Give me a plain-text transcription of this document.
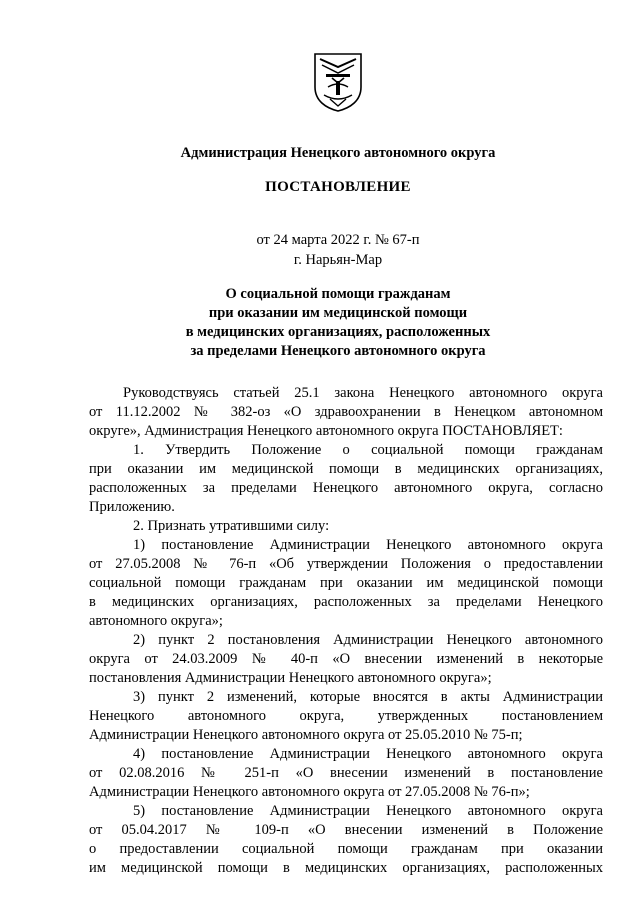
Администрация Ненецкого автономного округа
ПОСТАНОВЛЕНИЕ
от 24 марта 2022 г. № 67-п
г. Нарьян-Мар
О социальной помощи гражданам
при оказании им медицинской помощи
в медицинских организациях, расположенных
за пределами Ненецкого автономного округа
Руководствуясь статьей 25.1 закона Ненецкого автономного округа
от 11.12.2002 № 382-оз «О здравоохранении в Ненецком автономном
округе», Администрация Ненецкого автономного округа ПОСТАНОВЛЯЕТ:
1. Утвердить Положение о социальной помощи гражданам
при оказании им медицинской помощи в медицинских организациях,
расположенных за пределами Ненецкого автономного округа, согласно
Приложению.
2. Признать утратившими силу:
1) постановление Администрации Ненецкого автономного округа
от 27.05.2008 № 76-п «Об утверждении Положения о предоставлении
социальной помощи гражданам при оказании им медицинской помощи
в медицинских организациях, расположенных за пределами Ненецкого
автономного округа»;
2) пункт 2 постановления Администрации Ненецкого автономного
округа от 24.03.2009 № 40-п «О внесении изменений в некоторые
постановления Администрации Ненецкого автономного округа»;
3) пункт 2 изменений, которые вносятся в акты Администрации
Ненецкого автономного округа, утвержденных постановлением
Администрации Ненецкого автономного округа от 25.05.2010 № 75-п;
4) постановление Администрации Ненецкого автономного округа
от 02.08.2016 № 251-п «О внесении изменений в постановление
Администрации Ненецкого автономного округа от 27.05.2008 № 76-п»;
5) постановление Администрации Ненецкого автономного округа
от 05.04.2017 № 109-п «О внесении изменений в Положение
о предоставлении социальной помощи гражданам при оказании
им медицинской помощи в медицинских организациях, расположенных
